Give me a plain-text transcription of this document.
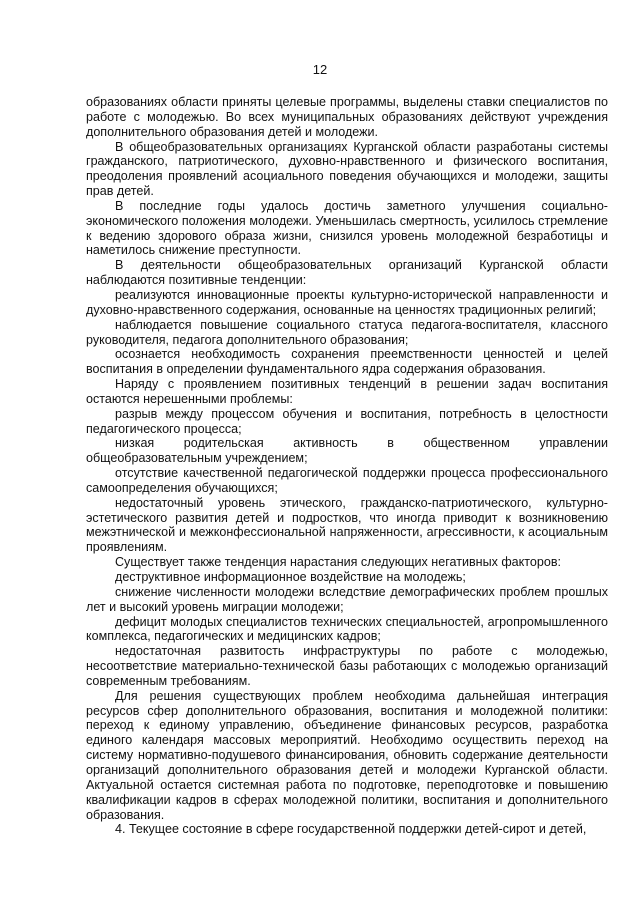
12

образованиях области приняты целевые программы, выделены ставки специалистов по работе с молодежью. Во всех муниципальных образованиях действуют учреждения дополнительного образования детей и молодежи.

В общеобразовательных организациях Курганской области разработаны системы гражданского, патриотического, духовно-нравственного и физического воспитания, преодоления проявлений асоциального поведения обучающихся и молодежи, защиты прав детей.

В последние годы удалось достичь заметного улучшения социально-экономического положения молодежи. Уменьшилась смертность, усилилось стремление к ведению здорового образа жизни, снизился уровень молодежной безработицы и наметилось снижение преступности.

В деятельности общеобразовательных организаций Курганской области наблюдаются позитивные тенденции:

реализуются инновационные проекты культурно-исторической направленности и духовно-нравственного содержания, основанные на ценностях традиционных религий;

наблюдается повышение социального статуса педагога-воспитателя, классного руководителя, педагога дополнительного образования;

осознается необходимость сохранения преемственности ценностей и целей воспитания в определении фундаментального ядра содержания образования.

Наряду с проявлением позитивных тенденций в решении задач воспитания остаются нерешенными проблемы:

разрыв между процессом обучения и воспитания, потребность в целостности педагогического процесса;

низкая родительская активность в общественном управлении общеобразовательным учреждением;

отсутствие качественной педагогической поддержки процесса профессионального самоопределения обучающихся;

недостаточный уровень этического, гражданско-патриотического, культурно-эстетического развития детей и подростков, что иногда приводит к возникновению межэтнической и межконфессиональной напряженности, агрессивности, к асоциальным проявлениям.

Существует также тенденция нарастания следующих негативных факторов:

деструктивное информационное воздействие на молодежь;

снижение численности молодежи вследствие демографических проблем прошлых лет и высокий уровень миграции молодежи;

дефицит молодых специалистов технических специальностей, агропромышленного комплекса, педагогических и медицинских кадров;

недостаточная развитость инфраструктуры по работе с молодежью, несоответствие материально-технической базы работающих с молодежью организаций современным требованиям.

Для решения существующих проблем необходима дальнейшая интеграция ресурсов сфер дополнительного образования, воспитания и молодежной политики: переход к единому управлению, объединение финансовых ресурсов, разработка единого календаря массовых мероприятий. Необходимо осуществить переход на систему нормативно-подушевого финансирования, обновить содержание деятельности организаций дополнительного образования детей и молодежи Курганской области. Актуальной остается системная работа по подготовке, переподготовке и повышению квалификации кадров в сферах молодежной политики, воспитания и дополнительного образования.

4. Текущее состояние в сфере государственной поддержки детей-сирот и детей,
